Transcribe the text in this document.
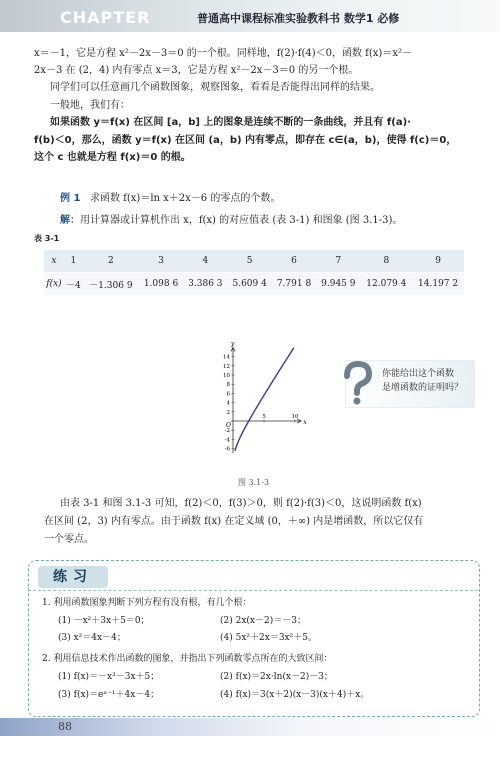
CHAPTER	普通高中课程标准实验教科书 数学1 必修
x＝－1，它是方程 x²－2x－3＝0 的一个根。同样地，f(2)·f(4)＜0，函数 f(x)＝x²－
2x－3 在 (2，4) 内有零点 x＝3，它是方程 x²－2x－3＝0 的另一个根。
同学们可以任意画几个函数图象，观察图象，看看是否能得出同样的结果。
一般地，我们有：
如果函数 y＝f(x) 在区间 [a，b] 上的图象是连续不断的一条曲线，并且有 f(a)·
f(b)＜0，那么，函数 y＝f(x) 在区间 (a，b) 内有零点，即存在 c∈(a，b)，使得 f(c)＝0，
这个 c 也就是方程 f(x)＝0 的根。
例 1 求函数 f(x)＝ln x＋2x－6 的零点的个数。
解：用计算器或计算机作出 x，f(x) 的对应值表 (表 3-1) 和图象 (图 3.1-3)。
表 3-1
x	1	2	3	4	5	6	7	8	9
f(x)	－4	－1.306 9	1.098 6	3.386 3	5.609 4	7.791 8	9.945 9	12.079 4	14.197 2
x
y
O
14
12
10
8
6
4
2
-2
-4
-6
5	10
你能给出这个函数
是增函数的证明吗？
图 3.1-3
由表 3-1 和图 3.1-3 可知，f(2)＜0，f(3)＞0，则 f(2)·f(3)＜0，这说明函数 f(x)
在区间 (2，3) 内有零点。由于函数 f(x) 在定义域 (0，＋∞) 内是增函数，所以它仅有
一个零点。
练习
1. 利用函数图象判断下列方程有没有根，有几个根：
(1) －x²＋3x＋5＝0；	(2) 2x(x－2)＝－3；
(3) x²＝4x－4；	(4) 5x²＋2x＝3x²＋5。
2. 利用信息技术作出函数的图象，并指出下列函数零点所在的大致区间：
(1) f(x)＝－x³－3x＋5；	(2) f(x)＝2x·ln(x－2)－3；
(3) f(x)＝eˣ⁻¹＋4x－4；	(4) f(x)＝3(x＋2)(x－3)(x＋4)＋x。
88
